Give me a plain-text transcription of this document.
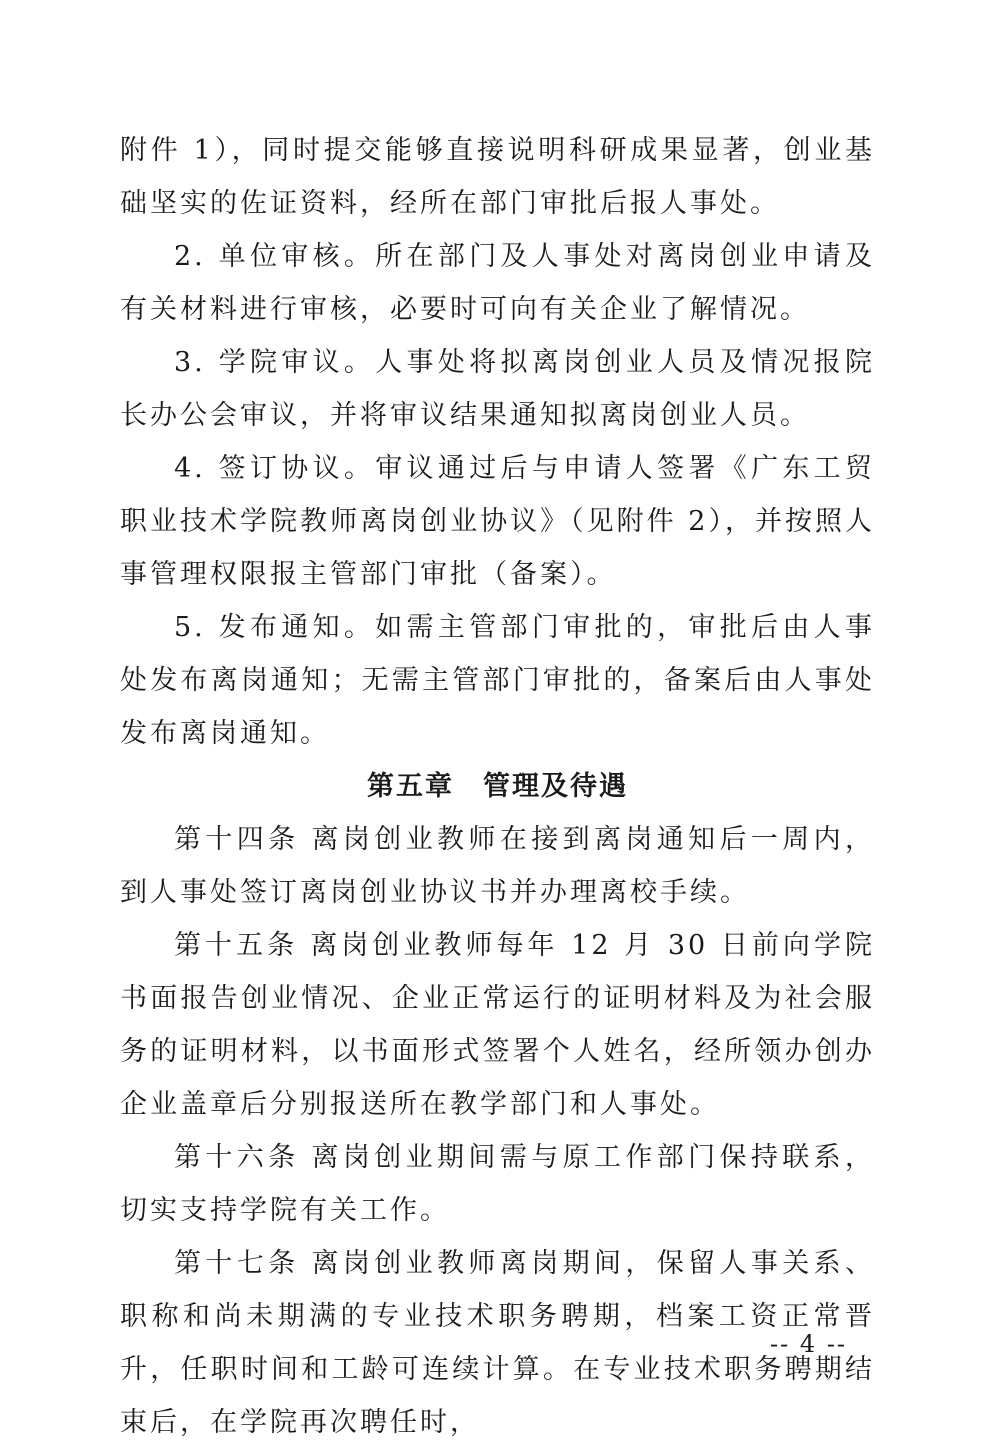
附件 1），同时提交能够直接说明科研成果显著，创业基础坚实的佐证资料，经所在部门审批后报人事处。

2. 单位审核。所在部门及人事处对离岗创业申请及有关材料进行审核，必要时可向有关企业了解情况。

3. 学院审议。人事处将拟离岗创业人员及情况报院长办公会审议，并将审议结果通知拟离岗创业人员。

4. 签订协议。审议通过后与申请人签署《广东工贸职业技术学院教师离岗创业协议》（见附件 2），并按照人事管理权限报主管部门审批（备案）。

5. 发布通知。如需主管部门审批的，审批后由人事处发布离岗通知；无需主管部门审批的，备案后由人事处发布离岗通知。

第五章　管理及待遇

第十四条 离岗创业教师在接到离岗通知后一周内，到人事处签订离岗创业协议书并办理离校手续。

第十五条 离岗创业教师每年 12 月 30 日前向学院书面报告创业情况、企业正常运行的证明材料及为社会服务的证明材料，以书面形式签署个人姓名，经所领办创办企业盖章后分别报送所在教学部门和人事处。

第十六条 离岗创业期间需与原工作部门保持联系，切实支持学院有关工作。

第十七条 离岗创业教师离岗期间，保留人事关系、职称和尚未期满的专业技术职务聘期，档案工资正常晋升，任职时间和工龄可连续计算。在专业技术职务聘期结束后，在学院再次聘任时，

-- 4 --
